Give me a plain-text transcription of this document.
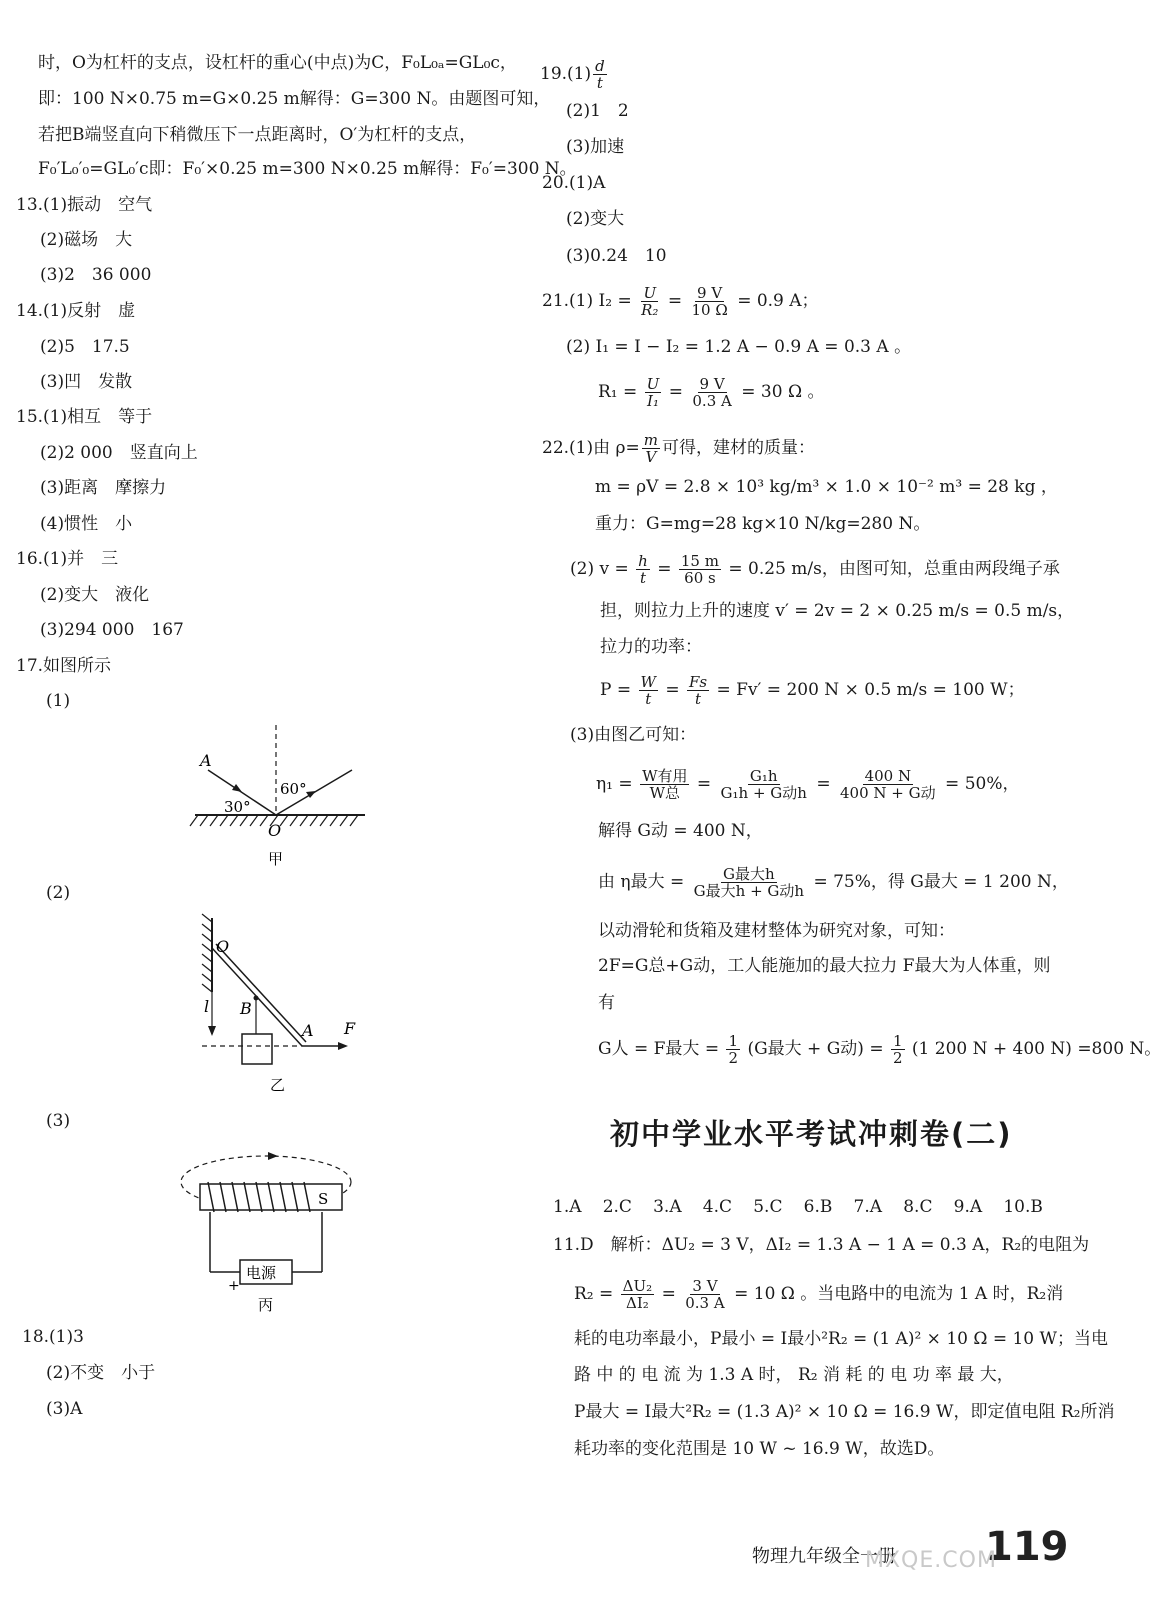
时，O为杠杆的支点，设杠杆的重心(中点)为C，F₀L₀ₐ=GL₀c，
即：100 N×0.75 m=G×0.25 m解得：G=300 N。由题图可知，
若把B端竖直向下稍微压下一点距离时，O′为杠杆的支点，
F₀′L₀′₀=GL₀′c即：F₀′×0.25 m=300 N×0.25 m解得：F₀′=300 N。
13.(1)振动　空气
(2)磁场　大
(3)2　36 000
14.(1)反射　虚
(2)5　17.5
(3)凹　发散
15.(1)相互　等于
(2)2 000　竖直向上
(3)距离　摩擦力
(4)惯性　小
16.(1)并　三
(2)变大　液化
(3)294 000　167
17.如图所示
(1)
A
30°
60°
O
甲
(2)
O
B
A F
l
乙
(3)
S
电源
+
丙
18.(1)3
(2)不变　小于
(3)A
$19.(1) \frac{d}{t}$
(2)1　2
(3)加速
20.(1)A
(2)变大
(3)0.24　10
21.(1) $I_2 = \frac{U}{\text{R₂}} = \frac{9 V}{10 \Omega} = 0.9$ A；
(2) I₁ = I − I₂ = 1.2 A − 0.9 A = 0.3 A 。
$R_1 = \frac{U}{\text{I₁}} = \frac{9 V}{0.3 A} = 30$ Ω 。
22.(1)由 $\rho= \frac{m}{V}$ 可得，建材的质量：
m = ρV = 2.8 × 10³ kg/m³ × 1.0 × 10⁻² m³ = 28 kg ，
重力：G=mg=28 kg×10 N/kg=280 N。
(2) $v = \frac{h}{t} = \frac{15 m}{60 s} = 0.25$ m/s，由图可知，总重由两段绳子承
担，则拉力上升的速度 v′ = 2v = 2 × 0.25 m/s = 0.5 m/s，
拉力的功率：
$P = \frac{W}{t} = \frac{Fs}{t} = Fv' = 200$ N × 0.5 m/s = 100 W；
(3)由图乙可知：
$\eta_1 = \frac{\text{W有用}}{\text{W总}} = \frac{\text{G₁h}}{\text{G₁h + G动h}} = \frac{400 N}{\text{400 N + G动}} = 50\%$，
解得 G动 = 400 N，
由 η最大 = $\frac{\text{G最大h}}{\text{G最大h + G动h}} = 75\%$，得 G最大 = 1 200 N，
以动滑轮和货箱及建材整体为研究对象，可知：
2F=G总+G动，工人能施加的最大拉力 F最大为人体重，则
有
G人 = F最大 = $\frac{1}{2} (G$最大 + G动) = $\frac{1}{2} (1$ 200 N + 400 N) =800 N。
初中学业水平考试冲刺卷(二)
1.A 2.C 3.A 4.C 5.C 6.B 7.A 8.C 9.A 10.B
11.D　解析：ΔU₂ = 3 V，ΔI₂ = 1.3 A − 1 A = 0.3 A，R₂的电阻为
$R_2 = \frac{\text{ΔU₂}}{\text{ΔI₂}} = \frac{3 V}{0.3 A} = 10$ Ω 。当电路中的电流为 1 A 时，R₂消
耗的电功率最小，P最小 = I最小²R₂ = (1 A)² × 10 Ω = 10 W；当电
路 中 的 电 流 为 1.3 A 时， R₂ 消 耗 的 电 功 率 最 大，
P最大 = I最大²R₂ = (1.3 A)² × 10 Ω = 16.9 W，即定值电阻 R₂所消
耗功率的变化范围是 10 W ~ 16.9 W，故选D。
物理九年级全一册 119
MXQE.COM
